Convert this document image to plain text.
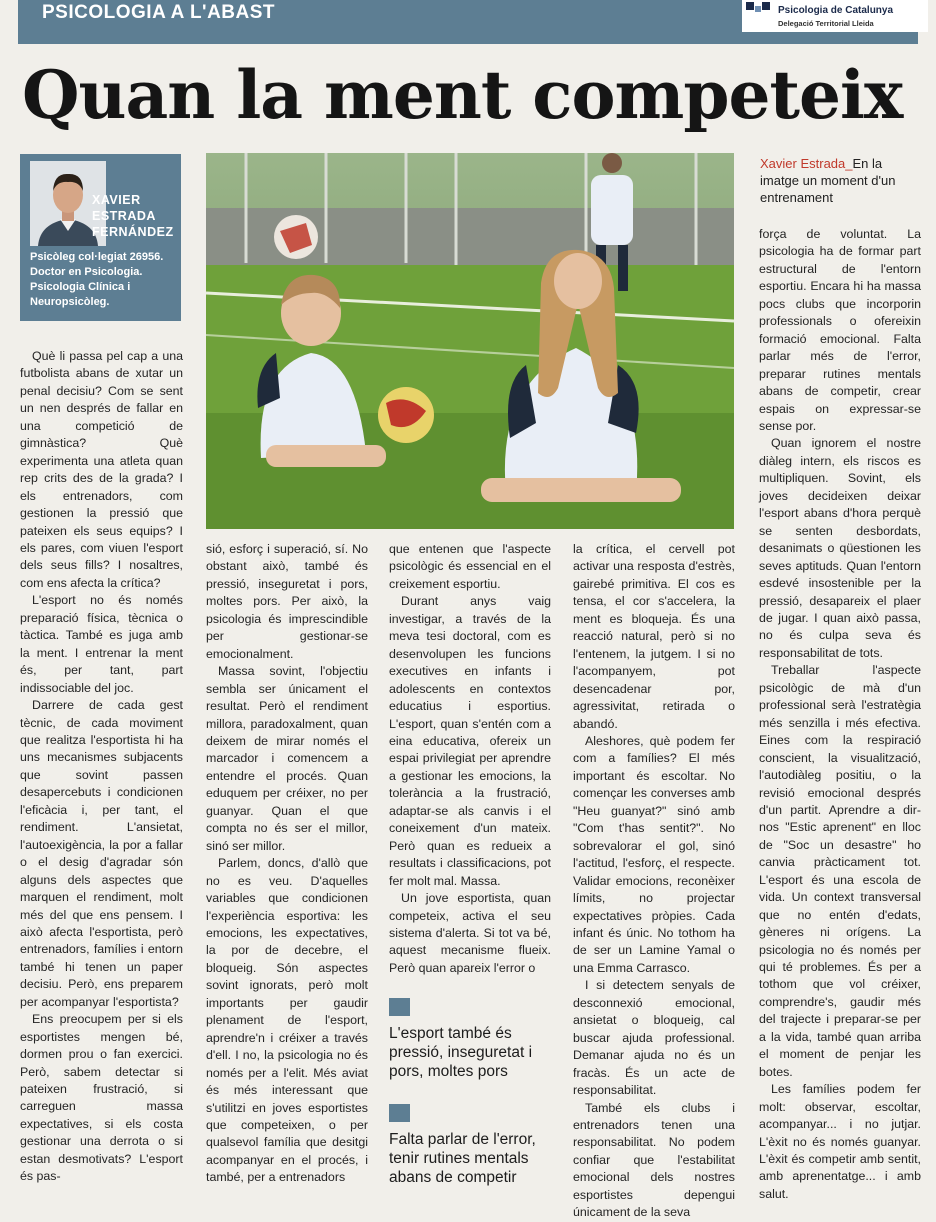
PSICOLOGIA A L'ABAST	Psicologia de Catalunya
Delegació Territorial Lleida
Quan la ment competeix
XAVIER ESTRADA FERNÁNDEZ
Psicòleg col·legiat 26956. Doctor en Psicologia. Psicologia Clínica i Neuropsicòleg.
Xavier Estrada_En la imatge un moment d'un entrenament

Què li passa pel cap a una futbolista abans de xutar un penal decisiu? Com se sent un nen després de fallar en una competició de gimnàstica? Què experimenta una atleta quan rep crits des de la grada? I els entrenadors, com gestionen la pressió que pateixen els seus equips? I els pares, com viuen l'esport dels seus fills? I nosaltres, com ens afecta la crítica?

L'esport no és només preparació física, tècnica o tàctica. També es juga amb la ment. I entrenar la ment és, per tant, part indissociable del joc.

Darrere de cada gest tècnic, de cada moviment que realitza l'esportista hi ha uns mecanismes subjacents que sovint passen desapercebuts i condicionen l'eficàcia i, per tant, el rendiment. L'ansietat, l'autoexigència, la por a fallar o el desig d'agradar són alguns dels aspectes que marquen el rendiment, molt més del que ens pensem. I això afecta l'esportista, però entrenadors, famílies i entorn també hi tenen un paper decisiu. Però, ens preparem per acompanyar l'esportista?

Ens preocupem per si els esportistes mengen bé, dormen prou o fan exercici. Però, sabem detectar si pateixen frustració, si carreguen massa expectatives, si els costa gestionar una derrota o si estan desmotivats? L'esport és pas-

sió, esforç i superació, sí. No obstant això, també és pressió, inseguretat i pors, moltes pors. Per això, la psicologia és imprescindible per gestionar-se emocionalment.

Massa sovint, l'objectiu sembla ser únicament el resultat. Però el rendiment millora, paradoxalment, quan deixem de mirar només el marcador i comencem a entendre el procés. Quan eduquem per créixer, no per guanyar. Quan el que compta no és ser el millor, sinó ser millor.

Parlem, doncs, d'allò que no es veu. D'aquelles variables que condicionen l'experiència esportiva: les emocions, les expectatives, la por de decebre, el bloqueig. Són aspectes sovint ignorats, però molt importants per gaudir plenament de l'esport, aprendre'n i créixer a través d'ell. I no, la psicologia no és només per a l'elit. Més aviat és més interessant que s'utilitzi en joves esportistes que competeixen, o per qualsevol família que desitgi acompanyar en el procés, i també, per a entrenadors

que entenen que l'aspecte psicològic és essencial en el creixement esportiu.

Durant anys vaig investigar, a través de la meva tesi doctoral, com es desenvolupen les funcions executives en infants i adolescents en contextos educatius i esportius. L'esport, quan s'entén com a eina educativa, ofereix un espai privilegiat per aprendre a gestionar les emocions, la tolerància a la frustració, adaptar-se als canvis i el coneixement d'un mateix. Però quan es redueix a resultats i classificacions, pot fer molt mal. Massa.

Un jove esportista, quan competeix, activa el seu sistema d'alerta. Si tot va bé, aquest mecanisme flueix. Però quan apareix l'error o

la crítica, el cervell pot activar una resposta d'estrès, gairebé primitiva. El cos es tensa, el cor s'accelera, la ment es bloqueja. És una reacció natural, però si no l'entenem, la jutgem. I si no l'acompanyem, pot desencadenar por, agressivitat, retirada o abandó.

Aleshores, què podem fer com a famílies? El més important és escoltar. No començar les converses amb "Heu guanyat?" sinó amb "Com t'has sentit?". No sobrevalorar el gol, sinó l'actitud, l'esforç, el respecte. Validar emocions, reconèixer límits, no projectar expectatives pròpies. Cada infant és únic. No tothom ha de ser un Lamine Yamal o una Emma Carrasco.

I si detectem senyals de desconnexió emocional, ansietat o bloqueig, cal buscar ajuda professional. Demanar ajuda no és un fracàs. És un acte de responsabilitat.

També els clubs i entrenadors tenen una responsabilitat. No podem confiar que l'estabilitat emocional dels nostres esportistes depengui únicament de la seva

força de voluntat. La psicologia ha de formar part estructural de l'entorn esportiu. Encara hi ha massa pocs clubs que incorporin professionals o ofereixin formació emocional. Falta parlar més de l'error, preparar rutines mentals abans de competir, crear espais on expressar-se sense por.

Quan ignorem el nostre diàleg intern, els riscos es multipliquen. Sovint, els joves decideixen deixar l'esport abans d'hora perquè se senten desbordats, desanimats o qüestionen les seves aptituds. Quan l'entorn esdevé insostenible per la pressió, desapareix el plaer de jugar. I quan això passa, no és culpa seva és responsabilitat de tots.

Treballar l'aspecte psicològic de mà d'un professional serà l'estratègia més senzilla i més efectiva. Eines com la respiració conscient, la visualització, l'autodiàleg positiu, o la revisió emocional després d'un partit. Aprendre a dir-nos "Estic aprenent" en lloc de "Soc un desastre" ho canvia pràcticament tot. L'esport és una escola de vida. Un context transversal que no entén d'edats, gèneres ni orígens. La psicologia no és només per qui té problemes. És per a tothom que vol créixer, comprendre's, gaudir més del trajecte i preparar-se per a la vida, també quan arriba el moment de penjar les botes.

Les famílies podem fer molt: observar, escoltar, acompanyar... i no jutjar. L'èxit no és només guanyar. L'èxit és competir amb sentit, amb aprenentatge... i amb salut.

L'esport també és pressió, inseguretat i pors, moltes pors
Falta parlar de l'error, tenir rutines mentals abans de competir
